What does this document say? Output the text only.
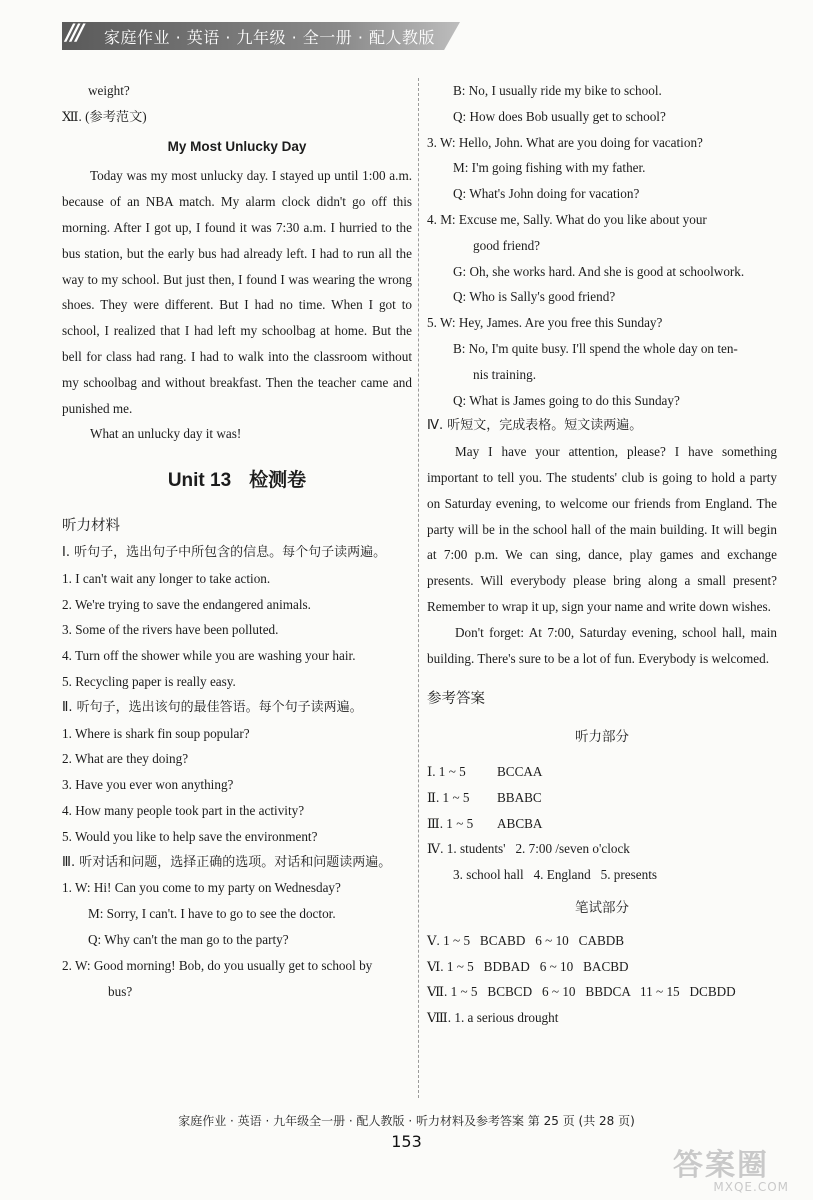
/// 家庭作业 · 英语 · 九年级 · 全一册 · 配人教版
weight?
Ⅻ. (参考范文)
My Most Unlucky Day

Today was my most unlucky day. I stayed up until 1:00 a.m. because of an NBA match. My alarm clock didn't go off this morning. After I got up, I found it was 7:30 a.m. I hurried to the bus station, but the early bus had already left. I had to run all the way to my school. But just then, I found I was wearing the wrong shoes. They were different. But I had no time. When I got to school, I realized that I had left my schoolbag at home. But the bell for class had rang. I had to walk into the classroom without my schoolbag and without breakfast. Then the teacher came and punished me.

What an unlucky day it was!

Unit 13 检测卷
听力材料
Ⅰ. 听句子，选出句子中所包含的信息。每个句子读两遍。
1. I can't wait any longer to take action.
2. We're trying to save the endangered animals.
3. Some of the rivers have been polluted.
4. Turn off the shower while you are washing your hair.
5. Recycling paper is really easy.
Ⅱ. 听句子，选出该句的最佳答语。每个句子读两遍。
1. Where is shark fin soup popular?
2. What are they doing?
3. Have you ever won anything?
4. How many people took part in the activity?
5. Would you like to help save the environment?
Ⅲ. 听对话和问题，选择正确的选项。对话和问题读两遍。
1. W: Hi! Can you come to my party on Wednesday?
M: Sorry, I can't. I have to go to see the doctor.
Q: Why can't the man go to the party?
2. W: Good morning! Bob, do you usually get to school by
bus?
B: No, I usually ride my bike to school.
Q: How does Bob usually get to school?
3. W: Hello, John. What are you doing for vacation?
M: I'm going fishing with my father.
Q: What's John doing for vacation?
4. M: Excuse me, Sally. What do you like about your
good friend?
G: Oh, she works hard. And she is good at schoolwork.
Q: Who is Sally's good friend?
5. W: Hey, James. Are you free this Sunday?
B: No, I'm quite busy. I'll spend the whole day on ten-
nis training.
Q: What is James going to do this Sunday?
Ⅳ. 听短文，完成表格。短文读两遍。

May I have your attention, please? I have something important to tell you. The students' club is going to hold a party on Saturday evening, to welcome our friends from England. The party will be in the school hall of the main building. It will begin at 7:00 p.m. We can sing, dance, play games and exchange presents. Will everybody please bring along a small present? Remember to wrap it up, sign your name and write down wishes.

Don't forget: At 7:00, Saturday evening, school hall, main building. There's sure to be a lot of fun. Everybody is welcomed.

参考答案
听力部分
Ⅰ. 1 ~ 5 BCCAA
Ⅱ. 1 ~ 5 BBABC
Ⅲ. 1 ~ 5 ABCBA
Ⅳ. 1. students'   2. 7:00 /seven o'clock
3. school hall   4. England   5. presents
笔试部分
Ⅴ. 1 ~ 5   BCABD   6 ~ 10   CABDB
Ⅵ. 1 ~ 5   BDBAD   6 ~ 10   BACBD
Ⅶ. 1 ~ 5   BCBCD   6 ~ 10   BBDCA   11 ~ 15   DCBDD
Ⅷ. 1. a serious drought
家庭作业 · 英语 · 九年级全一册 · 配人教版 · 听力材料及参考答案 第 25 页 (共 28 页)
153
答案圈
MXQE.COM
